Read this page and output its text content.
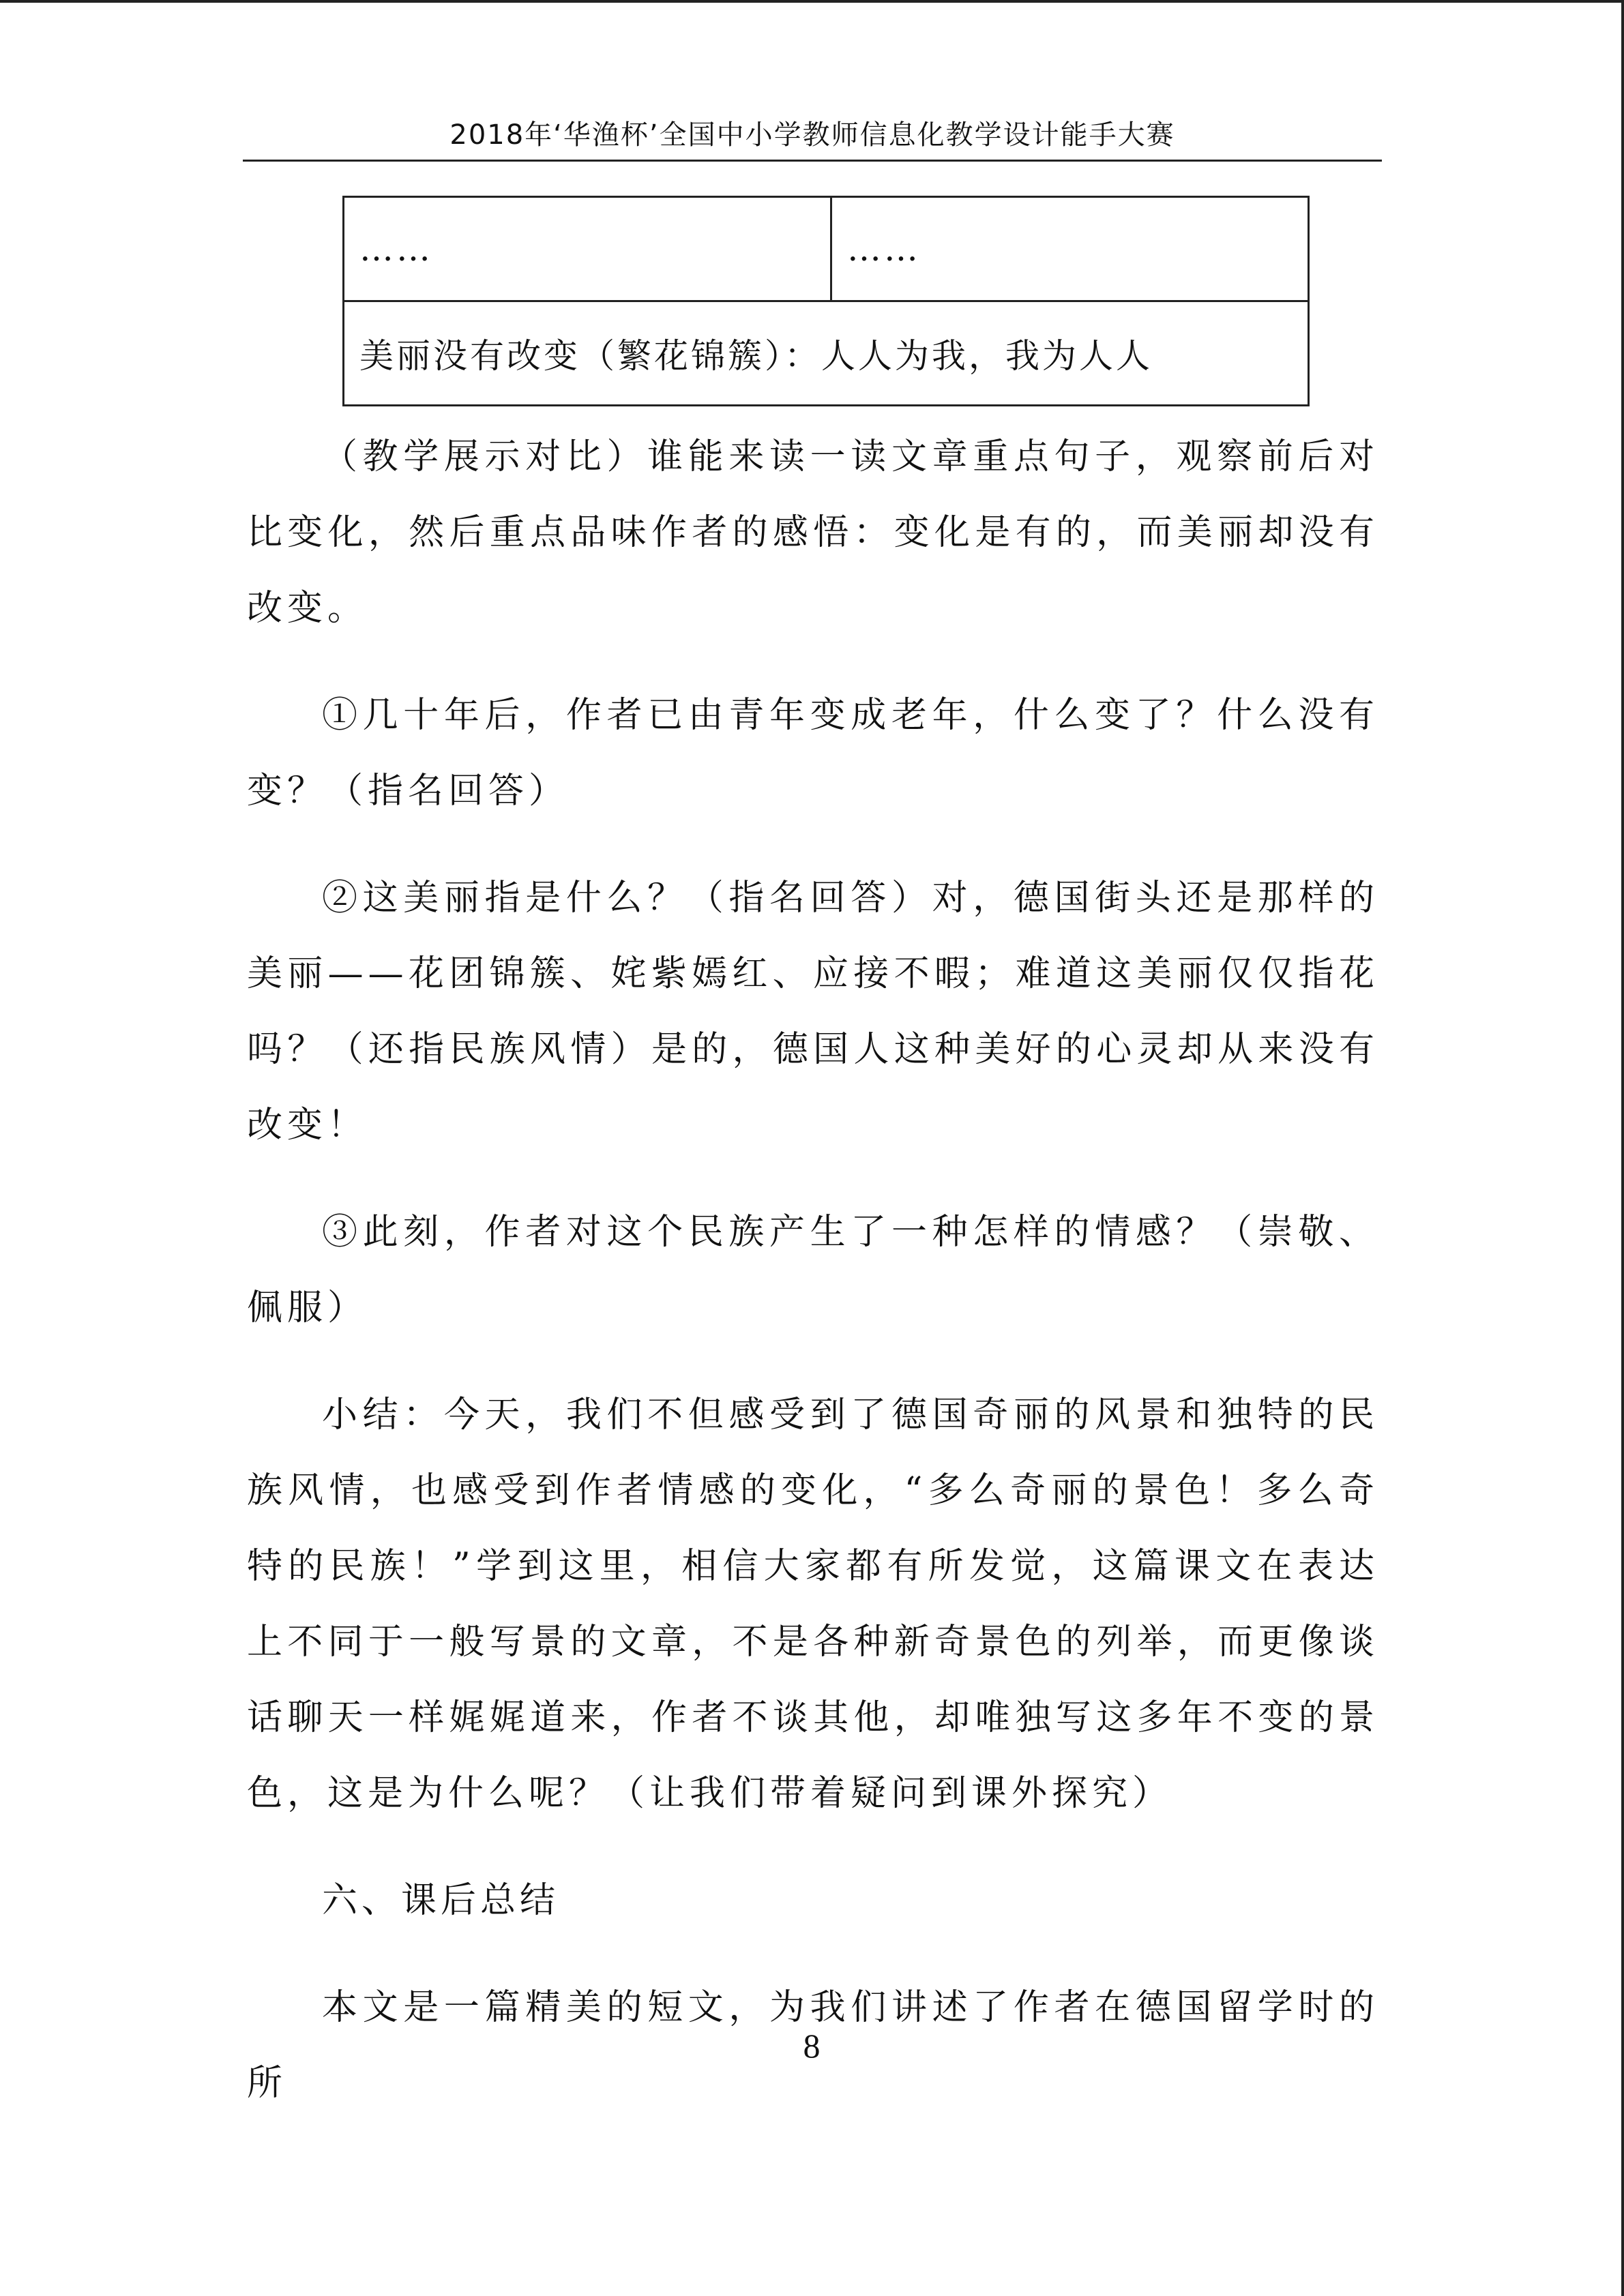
2018年‘华渔杯’全国中小学教师信息化教学设计能手大赛
……	……
美丽没有改变（繁花锦簇）：人人为我，我为人人

（教学展示对比）谁能来读一读文章重点句子，观察前后对比变化，然后重点品味作者的感悟：变化是有的，而美丽却没有改变。

①几十年后，作者已由青年变成老年，什么变了？什么没有变？（指名回答）

②这美丽指是什么？（指名回答）对，德国街头还是那样的美丽——花团锦簇、姹紫嫣红、应接不暇；难道这美丽仅仅指花吗？（还指民族风情）是的，德国人这种美好的心灵却从来没有改变！

③此刻，作者对这个民族产生了一种怎样的情感？（崇敬、佩服）

小结：今天，我们不但感受到了德国奇丽的风景和独特的民族风情，也感受到作者情感的变化，“多么奇丽的景色！多么奇特的民族！”学到这里，相信大家都有所发觉，这篇课文在表达上不同于一般写景的文章，不是各种新奇景色的列举，而更像谈话聊天一样娓娓道来，作者不谈其他，却唯独写这多年不变的景色，这是为什么呢？（让我们带着疑问到课外探究）

六、课后总结

本文是一篇精美的短文，为我们讲述了作者在德国留学时的所

8
